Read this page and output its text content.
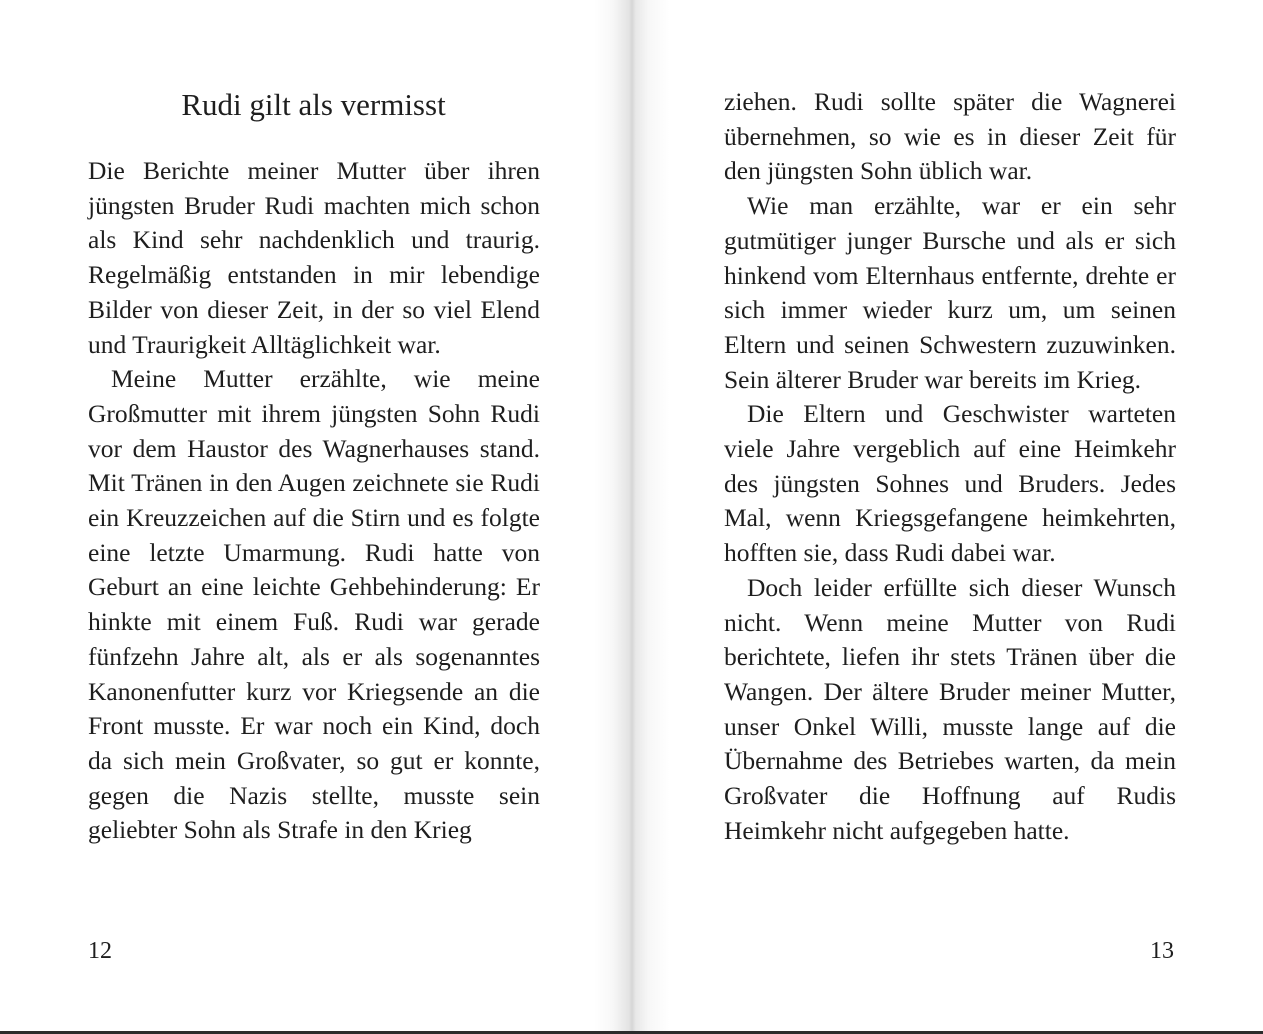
Rudi gilt als vermisst

Die Berichte meiner Mutter über ihren jüngsten Bruder Rudi machten mich schon als Kind sehr nachdenklich und traurig. Regelmäßig entstanden in mir lebendige Bilder von dieser Zeit, in der so viel Elend und Traurigkeit Alltäglichkeit war.

Meine Mutter erzählte, wie meine Großmutter mit ihrem jüngsten Sohn Rudi vor dem Haustor des Wagnerhauses stand. Mit Tränen in den Augen zeichnete sie Rudi ein Kreuzzeichen auf die Stirn und es folgte eine letzte Umarmung. Rudi hatte von Geburt an eine leichte Gehbehinderung: Er hinkte mit einem Fuß. Rudi war gerade fünfzehn Jahre alt, als er als sogenanntes Kanonenfutter kurz vor Kriegsende an die Front musste. Er war noch ein Kind, doch da sich mein Großvater, so gut er konnte, gegen die Nazis stellte, musste sein geliebter Sohn als Strafe in den Krieg

12

ziehen. Rudi sollte später die Wagnerei übernehmen, so wie es in dieser Zeit für den jüngsten Sohn üblich war.

Wie man erzählte, war er ein sehr gutmütiger junger Bursche und als er sich hinkend vom Elternhaus entfernte, drehte er sich immer wieder kurz um, um seinen Eltern und seinen Schwestern zuzuwinken. Sein älterer Bruder war bereits im Krieg.

Die Eltern und Geschwister warteten viele Jahre vergeblich auf eine Heimkehr des jüngsten Sohnes und Bruders. Jedes Mal, wenn Kriegsgefangene heimkehrten, hofften sie, dass Rudi dabei war.

Doch leider erfüllte sich dieser Wunsch nicht. Wenn meine Mutter von Rudi berichtete, liefen ihr stets Tränen über die Wangen. Der ältere Bruder meiner Mutter, unser Onkel Willi, musste lange auf die Übernahme des Betriebes warten, da mein Großvater die Hoffnung auf Rudis Heimkehr nicht aufgegeben hatte.

13
